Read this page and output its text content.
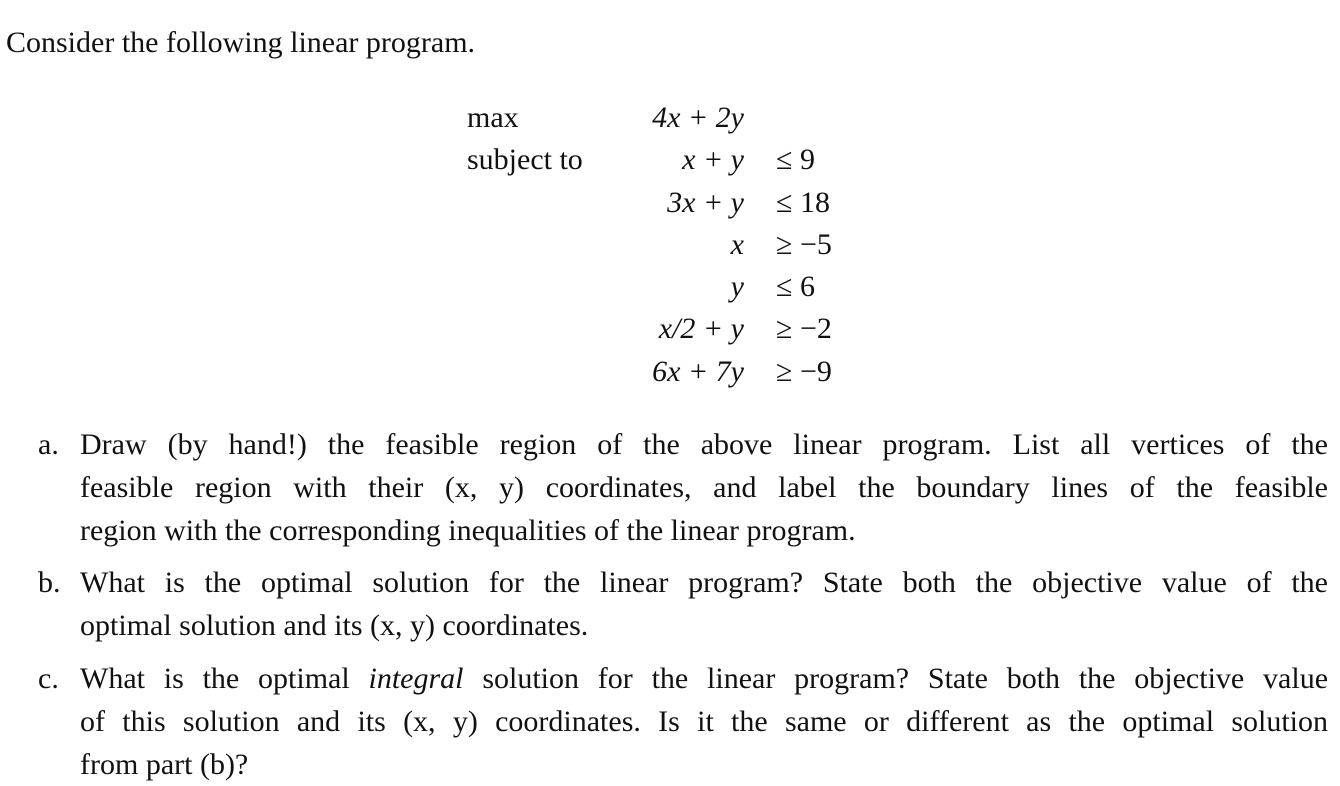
Consider the following linear program.
max
subject to
4x + 2y
x + y
3x + y
x
y
x/2 + y
6x + 7y
≤ 9
≤ 18
≥ −5
≤ 6
≥ −2
≥ −9
a. Draw (by hand!) the feasible region of the above linear program. List all vertices of the
feasible region with their (x, y) coordinates, and label the boundary lines of the feasible
region with the corresponding inequalities of the linear program.
b. What is the optimal solution for the linear program? State both the objective value of the
optimal solution and its (x, y) coordinates.
c. What is the optimal integral solution for the linear program? State both the objective value
of this solution and its (x, y) coordinates. Is it the same or different as the optimal solution
from part (b)?
